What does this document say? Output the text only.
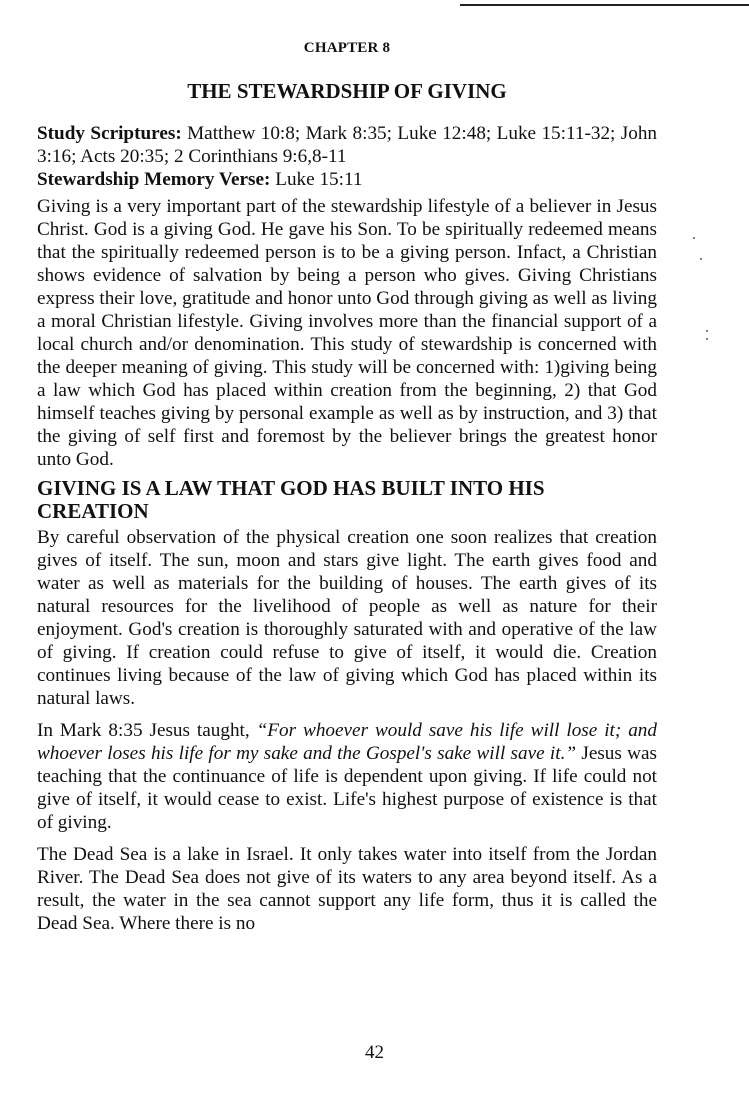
CHAPTER 8
THE STEWARDSHIP OF GIVING

Study Scriptures: Matthew 10:8; Mark 8:35; Luke 12:48; Luke 15:11-32; John 3:16; Acts 20:35; 2 Corinthians 9:6,8-11
Stewardship Memory Verse: Luke 15:11

Giving is a very important part of the stewardship lifestyle of a believer in Jesus Christ. God is a giving God. He gave his Son. To be spiritually redeemed means that the spiritually redeemed person is to be a giving person. Infact, a Christian shows evidence of salvation by being a person who gives. Giving Christians express their love, gratitude and honor unto God through giving as well as living a moral Christian lifestyle. Giving involves more than the financial support of a local church and/or denomination. This study of stewardship is concerned with the deeper meaning of giving. This study will be concerned with: 1)giving being a law which God has placed within creation from the beginning, 2) that God himself teaches giving by personal example as well as by instruction, and 3) that the giving of self first and foremost by the believer brings the greatest honor unto God.

GIVING IS A LAW THAT GOD HAS BUILT INTO HIS CREATION

By careful observation of the physical creation one soon realizes that creation gives of itself. The sun, moon and stars give light. The earth gives food and water as well as materials for the building of houses. The earth gives of its natural resources for the livelihood of people as well as nature for their enjoyment. God's creation is thoroughly saturated with and operative of the law of giving. If creation could refuse to give of itself, it would die. Creation continues living because of the law of giving which God has placed within its natural laws.

In Mark 8:35 Jesus taught, “For whoever would save his life will lose it; and whoever loses his life for my sake and the Gospel's sake will save it.” Jesus was teaching that the continuance of life is dependent upon giving. If life could not give of itself, it would cease to exist. Life's highest purpose of existence is that of giving.

The Dead Sea is a lake in Israel. It only takes water into itself from the Jordan River. The Dead Sea does not give of its waters to any area beyond itself. As a result, the water in the sea cannot support any life form, thus it is called the Dead Sea. Where there is no

42
